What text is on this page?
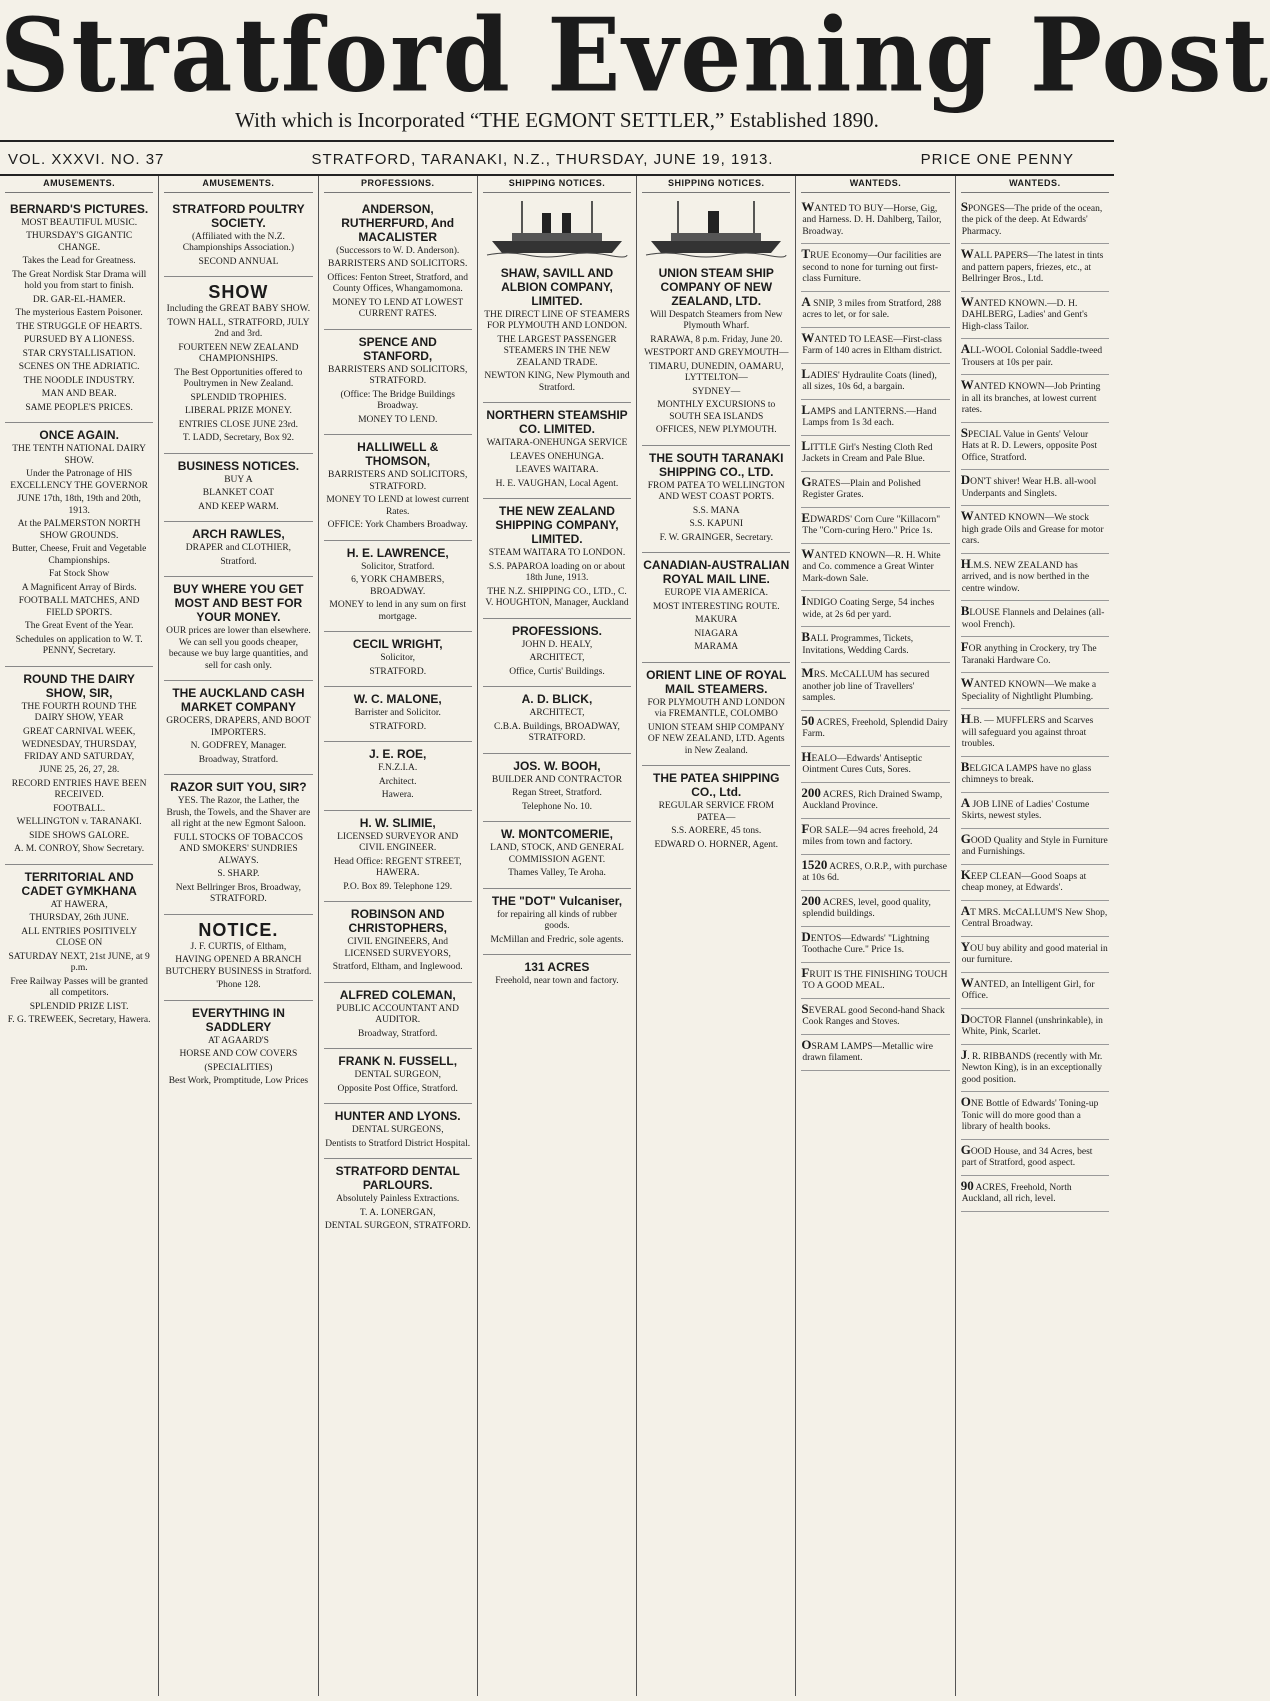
Stratford Evening Post
With which is Incorporated “THE EGMONT SETTLER,” Established 1890.
VOL. XXXVI. NO. 37	STRATFORD, TARANAKI, N.Z., THURSDAY, JUNE 19, 1913.	PRICE ONE PENNY
AMUSEMENTS.
BERNARD'S PICTURES.

MOST BEAUTIFUL MUSIC.

THURSDAY'S GIGANTIC CHANGE.

Takes the Lead for Greatness.

The Great Nordisk Star Drama will hold you from start to finish.

DR. GAR-EL-HAMER.

The mysterious Eastern Poisoner.

THE STRUGGLE OF HEARTS.

PURSUED BY A LIONESS.

STAR CRYSTALLISATION.

SCENES ON THE ADRIATIC.

THE NOODLE INDUSTRY.

MAN AND BEAR.

SAME PEOPLE'S PRICES.

ONCE AGAIN.

THE TENTH NATIONAL DAIRY SHOW.

Under the Patronage of HIS EXCELLENCY THE GOVERNOR

JUNE 17th, 18th, 19th and 20th, 1913.

At the PALMERSTON NORTH SHOW GROUNDS.

Butter, Cheese, Fruit and Vegetable Championships.

Fat Stock Show

A Magnificent Array of Birds.

FOOTBALL MATCHES, AND FIELD SPORTS.

The Great Event of the Year.

Schedules on application to W. T. PENNY, Secretary.

ROUND THE DAIRY SHOW, SIR,

THE FOURTH ROUND THE DAIRY SHOW, YEAR

GREAT CARNIVAL WEEK,

WEDNESDAY, THURSDAY, FRIDAY AND SATURDAY,

JUNE 25, 26, 27, 28.

RECORD ENTRIES HAVE BEEN RECEIVED.

FOOTBALL.

WELLINGTON v. TARANAKI.

SIDE SHOWS GALORE.

A. M. CONROY, Show Secretary.

TERRITORIAL AND CADET GYMKHANA

AT HAWERA,

THURSDAY, 26th JUNE.

ALL ENTRIES POSITIVELY CLOSE ON

SATURDAY NEXT, 21st JUNE, at 9 p.m.

Free Railway Passes will be granted all competitors.

SPLENDID PRIZE LIST.

F. G. TREWEEK, Secretary, Hawera.

AMUSEMENTS.
STRATFORD POULTRY SOCIETY.

(Affiliated with the N.Z. Championships Association.)

SECOND ANNUAL

SHOW

Including the GREAT BABY SHOW.

TOWN HALL, STRATFORD, JULY 2nd and 3rd.

FOURTEEN NEW ZEALAND CHAMPIONSHIPS.

The Best Opportunities offered to Poultrymen in New Zealand.

SPLENDID TROPHIES.

LIBERAL PRIZE MONEY.

ENTRIES CLOSE JUNE 23rd.

T. LADD, Secretary, Box 92.

BUSINESS NOTICES.

BUY A

BLANKET COAT

AND KEEP WARM.

ARCH RAWLES,

DRAPER and CLOTHIER,

Stratford.

BUY WHERE YOU GET MOST AND BEST FOR YOUR MONEY.

OUR prices are lower than elsewhere. We can sell you goods cheaper, because we buy large quantities, and sell for cash only.

THE AUCKLAND CASH MARKET COMPANY

GROCERS, DRAPERS, AND BOOT IMPORTERS.

N. GODFREY, Manager.

Broadway, Stratford.

RAZOR SUIT YOU, SIR?

YES. The Razor, the Lather, the Brush, the Towels, and the Shaver are all right at the new Egmont Saloon.

FULL STOCKS OF TOBACCOS AND SMOKERS' SUNDRIES ALWAYS.

S. SHARP.

Next Bellringer Bros, Broadway, STRATFORD.

NOTICE.

J. F. CURTIS, of Eltham,

HAVING OPENED A BRANCH BUTCHERY BUSINESS in Stratford.

'Phone 128.

EVERYTHING IN SADDLERY

AT AGAARD'S

HORSE AND COW COVERS

(SPECIALITIES)

Best Work, Promptitude, Low Prices

PROFESSIONS.
ANDERSON, RUTHERFURD, And MACALISTER

(Successors to W. D. Anderson).

BARRISTERS AND SOLICITORS.

Offices: Fenton Street, Stratford, and County Offices, Whangamomona.

MONEY TO LEND AT LOWEST CURRENT RATES.

SPENCE AND STANFORD,

BARRISTERS AND SOLICITORS, STRATFORD.

(Office: The Bridge Buildings Broadway.

MONEY TO LEND.

HALLIWELL & THOMSON,

BARRISTERS AND SOLICITORS, STRATFORD.

MONEY TO LEND at lowest current Rates.

OFFICE: York Chambers Broadway.

H. E. LAWRENCE,

Solicitor, Stratford.

6, YORK CHAMBERS, BROADWAY.

MONEY to lend in any sum on first mortgage.

CECIL WRIGHT,

Solicitor,

STRATFORD.

W. C. MALONE,

Barrister and Solicitor.

STRATFORD.

J. E. ROE,

F.N.Z.I.A.

Architect.

Hawera.

H. W. SLIMIE,

LICENSED SURVEYOR AND CIVIL ENGINEER.

Head Office: REGENT STREET, HAWERA.

P.O. Box 89. Telephone 129.

ROBINSON AND CHRISTOPHERS,

CIVIL ENGINEERS, And LICENSED SURVEYORS,

Stratford, Eltham, and Inglewood.

ALFRED COLEMAN,

PUBLIC ACCOUNTANT AND AUDITOR.

Broadway, Stratford.

FRANK N. FUSSELL,

DENTAL SURGEON,

Opposite Post Office, Stratford.

HUNTER AND LYONS.

DENTAL SURGEONS,

Dentists to Stratford District Hospital.

STRATFORD DENTAL PARLOURS.

Absolutely Painless Extractions.

T. A. LONERGAN,

DENTAL SURGEON, STRATFORD.

SHIPPING NOTICES.
SHAW, SAVILL AND ALBION COMPANY, LIMITED.

THE DIRECT LINE OF STEAMERS FOR PLYMOUTH AND LONDON.

THE LARGEST PASSENGER STEAMERS IN THE NEW ZEALAND TRADE.

NEWTON KING, New Plymouth and Stratford.

NORTHERN STEAMSHIP CO. LIMITED.

WAITARA-ONEHUNGA SERVICE

LEAVES ONEHUNGA.

LEAVES WAITARA.

H. E. VAUGHAN, Local Agent.

THE NEW ZEALAND SHIPPING COMPANY, LIMITED.

STEAM WAITARA TO LONDON.

S.S. PAPAROA loading on or about 18th June, 1913.

THE N.Z. SHIPPING CO., LTD., C. V. HOUGHTON, Manager, Auckland

PROFESSIONS.

JOHN D. HEALY,

ARCHITECT,

Office, Curtis' Buildings.

A. D. BLICK,

ARCHITECT,

C.B.A. Buildings, BROADWAY, STRATFORD.

JOS. W. BOOH,

BUILDER AND CONTRACTOR

Regan Street, Stratford.

Telephone No. 10.

W. MONTCOMERIE,

LAND, STOCK, AND GENERAL COMMISSION AGENT.

Thames Valley, Te Aroha.

THE "DOT" Vulcaniser,

for repairing all kinds of rubber goods.

McMillan and Fredric, sole agents.

131 ACRES

Freehold, near town and factory.

SHIPPING NOTICES.
UNION STEAM SHIP COMPANY OF NEW ZEALAND, LTD.

Will Despatch Steamers from New Plymouth Wharf.

RARAWA, 8 p.m. Friday, June 20.

WESTPORT AND GREYMOUTH—

TIMARU, DUNEDIN, OAMARU, LYTTELTON—

SYDNEY—

MONTHLY EXCURSIONS to SOUTH SEA ISLANDS

OFFICES, NEW PLYMOUTH.

THE SOUTH TARANAKI SHIPPING CO., LTD.

FROM PATEA TO WELLINGTON AND WEST COAST PORTS.

S.S. MANA

S.S. KAPUNI

F. W. GRAINGER, Secretary.

CANADIAN-AUSTRALIAN ROYAL MAIL LINE.

EUROPE VIA AMERICA.

MOST INTERESTING ROUTE.

MAKURA

NIAGARA

MARAMA

ORIENT LINE OF ROYAL MAIL STEAMERS.

FOR PLYMOUTH AND LONDON via FREMANTLE, COLOMBO

UNION STEAM SHIP COMPANY OF NEW ZEALAND, LTD. Agents in New Zealand.

THE PATEA SHIPPING CO., Ltd.

REGULAR SERVICE FROM PATEA—

S.S. AORERE, 45 tons.

EDWARD O. HORNER, Agent.

WANTEDS.
WANTED TO BUY—Horse, Gig, and Harness. D. H. Dahlberg, Tailor, Broadway.
TRUE Economy—Our facilities are second to none for turning out first-class Furniture.
A SNIP, 3 miles from Stratford, 288 acres to let, or for sale.
WANTED TO LEASE—First-class Farm of 140 acres in Eltham district.
LADIES' Hydraulite Coats (lined), all sizes, 10s 6d, a bargain.
LAMPS and LANTERNS.—Hand Lamps from 1s 3d each.
LITTLE Girl's Nesting Cloth Red Jackets in Cream and Pale Blue.
GRATES—Plain and Polished Register Grates.
EDWARDS' Corn Cure "Killacorn" The "Corn-curing Hero." Price 1s.
WANTED KNOWN—R. H. White and Co. commence a Great Winter Mark-down Sale.
INDIGO Coating Serge, 54 inches wide, at 2s 6d per yard.
BALL Programmes, Tickets, Invitations, Wedding Cards.
MRS. McCALLUM has secured another job line of Travellers' samples.
50 ACRES, Freehold, Splendid Dairy Farm.
HEALO—Edwards' Antiseptic Ointment Cures Cuts, Sores.
200 ACRES, Rich Drained Swamp, Auckland Province.
FOR SALE—94 acres freehold, 24 miles from town and factory.
1520 ACRES, O.R.P., with purchase at 10s 6d.
200 ACRES, level, good quality, splendid buildings.
DENTOS—Edwards' "Lightning Toothache Cure." Price 1s.
FRUIT IS THE FINISHING TOUCH TO A GOOD MEAL.
SEVERAL good Second-hand Shack Cook Ranges and Stoves.
OSRAM LAMPS—Metallic wire drawn filament.
WANTEDS.
SPONGES—The pride of the ocean, the pick of the deep. At Edwards' Pharmacy.
WALL PAPERS—The latest in tints and pattern papers, friezes, etc., at Bellringer Bros., Ltd.
WANTED KNOWN.—D. H. DAHLBERG, Ladies' and Gent's High-class Tailor.
ALL-WOOL Colonial Saddle-tweed Trousers at 10s per pair.
WANTED KNOWN—Job Printing in all its branches, at lowest current rates.
SPECIAL Value in Gents' Velour Hats at R. D. Lewers, opposite Post Office, Stratford.
DON'T shiver! Wear H.B. all-wool Underpants and Singlets.
WANTED KNOWN—We stock high grade Oils and Grease for motor cars.
H.M.S. NEW ZEALAND has arrived, and is now berthed in the centre window.
BLOUSE Flannels and Delaines (all-wool French).
FOR anything in Crockery, try The Taranaki Hardware Co.
WANTED KNOWN—We make a Speciality of Nightlight Plumbing.
H.B. — MUFFLERS and Scarves will safeguard you against throat troubles.
BELGICA LAMPS have no glass chimneys to break.
A JOB LINE of Ladies' Costume Skirts, newest styles.
GOOD Quality and Style in Furniture and Furnishings.
KEEP CLEAN—Good Soaps at cheap money, at Edwards'.
AT MRS. McCALLUM'S New Shop, Central Broadway.
YOU buy ability and good material in our furniture.
WANTED, an Intelligent Girl, for Office.
DOCTOR Flannel (unshrinkable), in White, Pink, Scarlet.
J. R. RIBBANDS (recently with Mr. Newton King), is in an exceptionally good position.
ONE Bottle of Edwards' Toning-up Tonic will do more good than a library of health books.
GOOD House, and 34 Acres, best part of Stratford, good aspect.
90 ACRES, Freehold, North Auckland, all rich, level.
